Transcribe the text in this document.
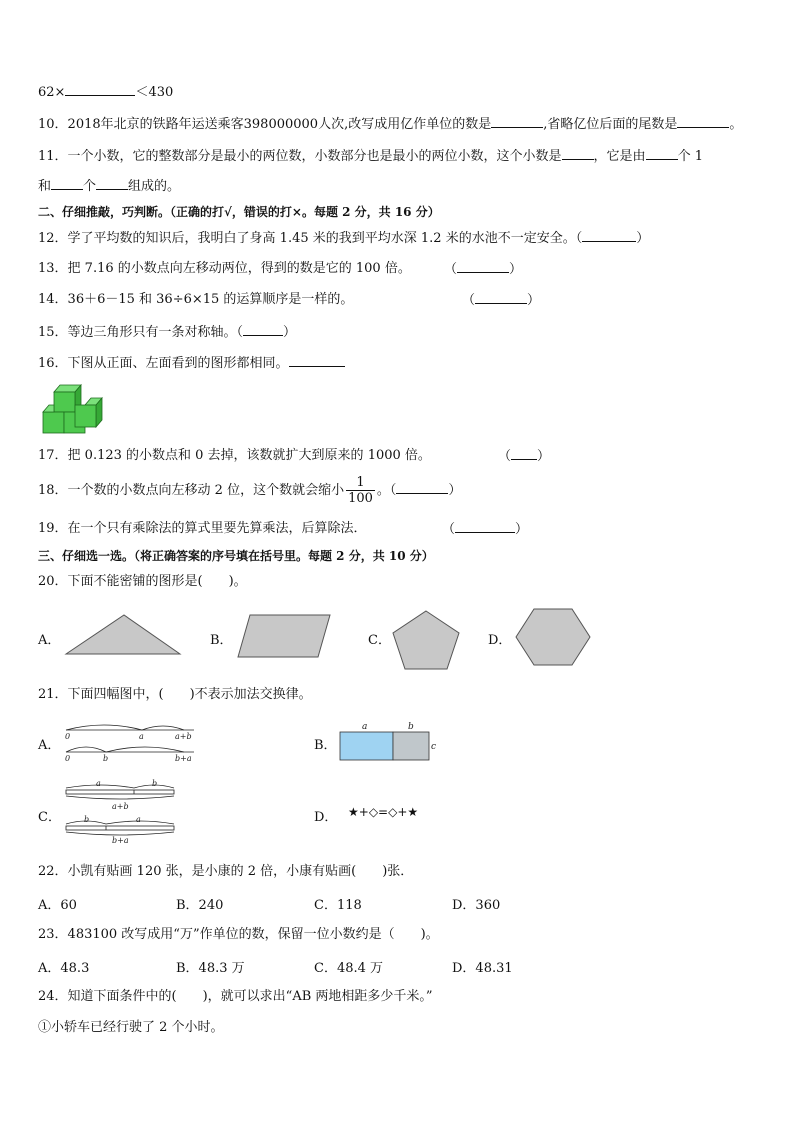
62×	＜430
10．2018年北京的铁路年运送乘客398000000人次,改写成用亿作单位的数是	,省略亿位后面的尾数是	。
11．一个小数，它的整数部分是最小的两位数，小数部分也是最小的两位小数，这个小数是 ，它是由 个 1
和 个 组成的。
二、仔细推敲，巧判断。（正确的打√，错误的打×。每题 2 分，共 16 分）
12．学了平均数的知识后，我明白了身高 1.45 米的我到平均水深 1.2 米的水池不一定安全。（	）
13．把 7.16 的小数点向左移动两位，得到的数是它的 100 倍。	（	）
14．36＋6－15 和 36÷6×15 的运算顺序是一样的。	（	）
15．等边三角形只有一条对称轴。（	）
16．下图从正面、左面看到的图形都相同。
17．把 0.123 的小数点和 0 去掉，该数就扩大到原来的 1000 倍。	（ ）
18．一个数的小数点向左移动 2 位，这个数就会缩小 $\frac{1}{100}$ 。（	）
19．在一个只有乘除法的算式里要先算乘法，后算除法．	（	）
三、仔细选一选。（将正确答案的序号填在括号里。每题 2 分，共 10 分）
20．下面不能密铺的图形是(　　)。
A．	B．	C．	D．
21．下面四幅图中，(　　)不表示加法交换律。
A．
0	a	a+b
0	b	b+a
B．
a	b
c
C．
a	b
a+b
b	a
b+a
D． ★+◇=◇+★
22．小凯有贴画 120 张，是小康的 2 倍，小康有贴画(　　)张．
A．60	B．240	C．118	D．360
23．483100 改写成用“万”作单位的数，保留一位小数约是（　　)。
A．48.3	B．48.3 万	C．48.4 万	D．48.31
24．知道下面条件中的(　　)，就可以求出“AB 两地相距多少千米。”
①小轿车已经行驶了 2 个小时。
